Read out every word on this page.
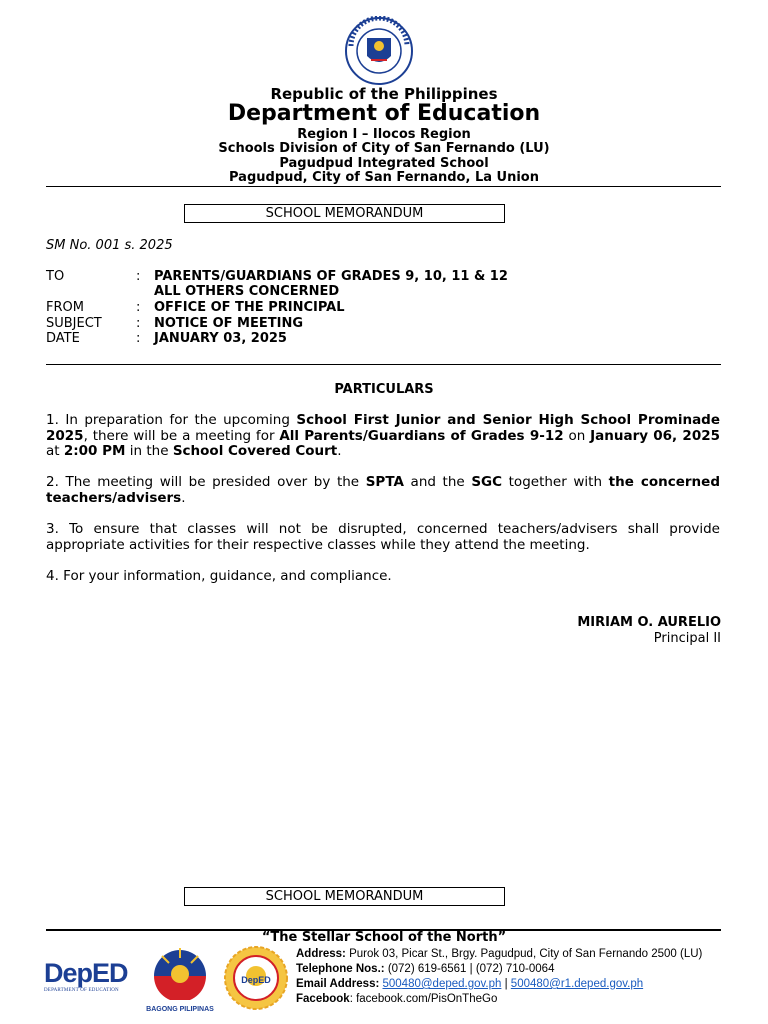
Republic of the Philippines
Department of Education
Region I – Ilocos Region
Schools Division of City of San Fernando (LU)
Pagudpud Integrated School
Pagudpud, City of San Fernando, La Union
SCHOOL MEMORANDUM
SM No. 001 s. 2025
TO	:	PARENTS/GUARDIANS OF GRADES 9, 10, 11 & 12
ALL OTHERS CONCERNED
FROM	:	OFFICE OF THE PRINCIPAL
SUBJECT	:	NOTICE OF MEETING
DATE	:	JANUARY 03, 2025
PARTICULARS
1. In preparation for the upcoming School First Junior and Senior High School Prominade 2025, there will be a meeting for All Parents/Guardians of Grades 9-12 on January 06, 2025 at 2:00 PM in the School Covered Court.
2. The meeting will be presided over by the SPTA and the SGC together with the concerned teachers/advisers.
3. To ensure that classes will not be disrupted, concerned teachers/advisers shall provide appropriate activities for their respective classes while they attend the meeting.
4. For your information, guidance, and compliance.
MIRIAM O. AURELIO
Principal II
SCHOOL MEMORANDUM
“The Stellar School of the North”
DepED
DEPARTMENT OF EDUCATION
BAGONG PILIPINAS
DepED
Address: Purok 03, Picar St., Brgy. Pagudpud, City of San Fernando 2500 (LU)
Telephone Nos.: (072) 619-6561 | (072) 710-0064
Email Address: 500480@deped.gov.ph | 500480@r1.deped.gov.ph
Facebook: facebook.com/PisOnTheGo
